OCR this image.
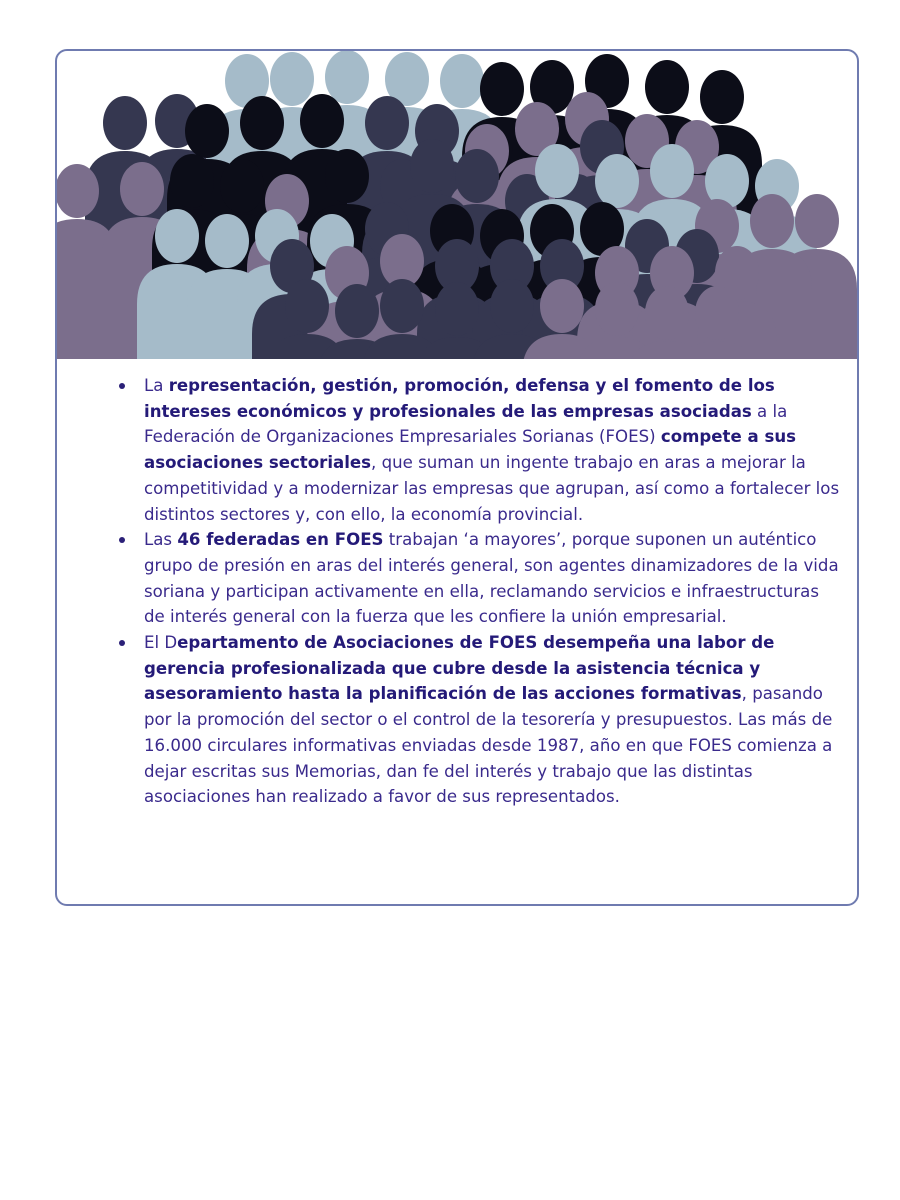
La representación, gestión, promoción, defensa y el fomento de los intereses económicos y profesionales de las empresas asociadas a la Federación de Organizaciones Empresariales Sorianas (FOES) compete a sus asociaciones sectoriales, que suman un ingente trabajo en aras a mejorar la competitividad y a modernizar las empresas que agrupan, así como a fortalecer los distintos sectores y, con ello, la economía provincial.
Las 46 federadas en FOES trabajan ‘a mayores’, porque suponen un auténtico grupo de presión en aras del interés general, son agentes dinamizadores de la vida soriana y participan activamente en ella, reclamando servicios e infraestructuras de interés general con la fuerza que les confiere la unión empresarial.
El Departamento de Asociaciones de FOES desempeña una labor de gerencia profesionalizada que cubre desde la asistencia técnica y asesoramiento hasta la planificación de las acciones formativas, pasando por la promoción del sector o el control de la tesorería y presupuestos. Las más de 16.000 circulares informativas enviadas desde 1987, año en que FOES comienza a dejar escritas sus Memorias, dan fe del interés y trabajo que las distintas asociaciones han realizado a favor de sus representados.
